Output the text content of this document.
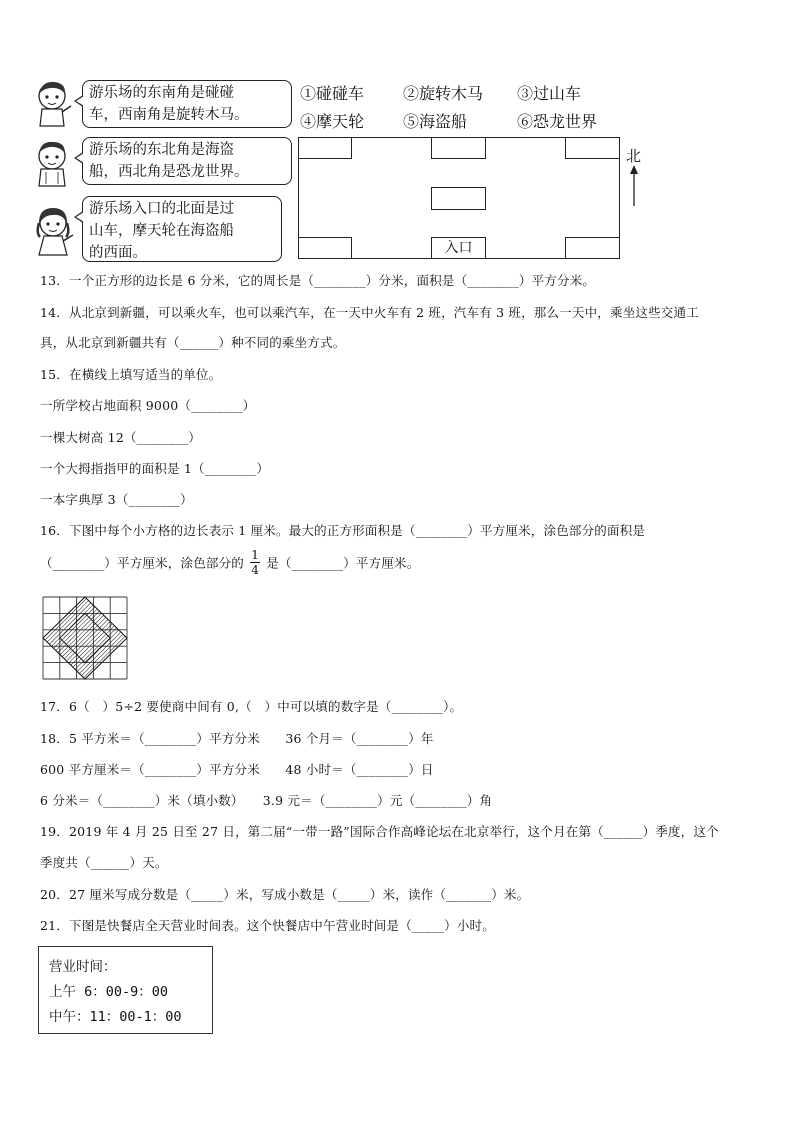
游乐场的东南角是碰碰
车，西南角是旋转木马。
游乐场的东北角是海盗
船，西北角是恐龙世界。
游乐场入口的北面是过
山车，摩天轮在海盗船
的西面。
①碰碰车 ②旋转木马 ③过山车
④摩天轮 ⑤海盗船	⑥恐龙世界
入口
北
13．一个正方形的边长是 6 分米，它的周长是（________）分米，面积是（________）平方分米。
14．从北京到新疆，可以乘火车，也可以乘汽车，在一天中火车有 2 班，汽车有 3 班，那么一天中，乘坐这些交通工
具，从北京到新疆共有（______）种不同的乘坐方式。
15．在横线上填写适当的单位。
一所学校占地面积 9000（________）
一棵大树高 12（________）
一个大拇指指甲的面积是 1（________）
一本字典厚 3（________）
16．下图中每个小方格的边长表示 1 厘米。最大的正方形面积是（________）平方厘米，涂色部分的面积是
（________）平方厘米，涂色部分的 $\frac{1}{4}$ 是（________）平方厘米。
17．6（　）5÷2 要使商中间有 0,（　）中可以填的数字是（________）。
18．5 平方米＝（________）平方分米　　36 个月＝（________）年
600 平方厘米＝（________）平方分米　　48 小时＝（________）日
6 分米＝（________）米（填小数）　　3.9 元＝（________）元（________）角
19．2019 年 4 月 25 日至 27 日，第二届“一带一路”国际合作高峰论坛在北京举行，这个月在第（______）季度，这个
季度共（______）天。
20．27 厘米写成分数是（_____）米，写成小数是（_____）米，读作（_______）米。
21．下图是快餐店全天营业时间表。这个快餐店中午营业时间是（_____）小时。
营业时间：
上午 6：00-9：00
中午：11：00-1：00
